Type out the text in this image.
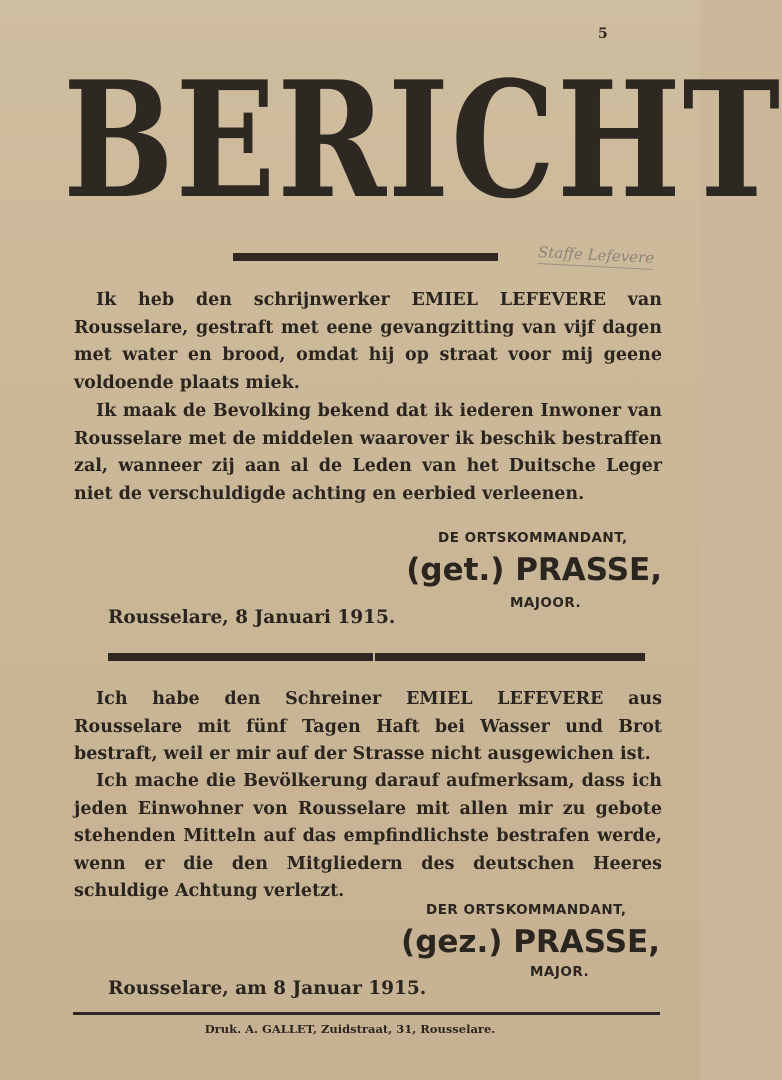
5
BERICHT
Staffe Lefevere

Ik heb den schrijnwerker EMIEL LEFEVERE van Rousselare, gestraft met eene gevangzitting van vijf dagen met water en brood, omdat hij op straat voor mij geene voldoende plaats miek.

Ik maak de Bevolking bekend dat ik iederen Inwoner van Rousselare met de middelen waarover ik beschik bestraffen zal, wanneer zij aan al de Leden van het Duitsche Leger niet de verschuldigde achting en eerbied verleenen.

DE ORTSKOMMANDANT,
(get.) PRASSE,
MAJOOR.
Rousselare, 8 Januari 1915.

Ich habe den Schreiner EMIEL LEFEVERE aus Rousselare mit fünf Tagen Haft bei Wasser und Brot bestraft, weil er mir auf der Strasse nicht ausgewichen ist.

Ich mache die Bevölkerung darauf aufmerksam, dass ich jeden Einwohner von Rousselare mit allen mir zu gebote stehenden Mitteln auf das empfindlichste bestrafen werde, wenn er die den Mitgliedern des deutschen Heeres schuldige Achtung verletzt.

DER ORTSKOMMANDANT,
(gez.) PRASSE,
MAJOR.
Rousselare, am 8 Januar 1915.
Druk. A. GALLET, Zuidstraat, 31, Rousselare.
